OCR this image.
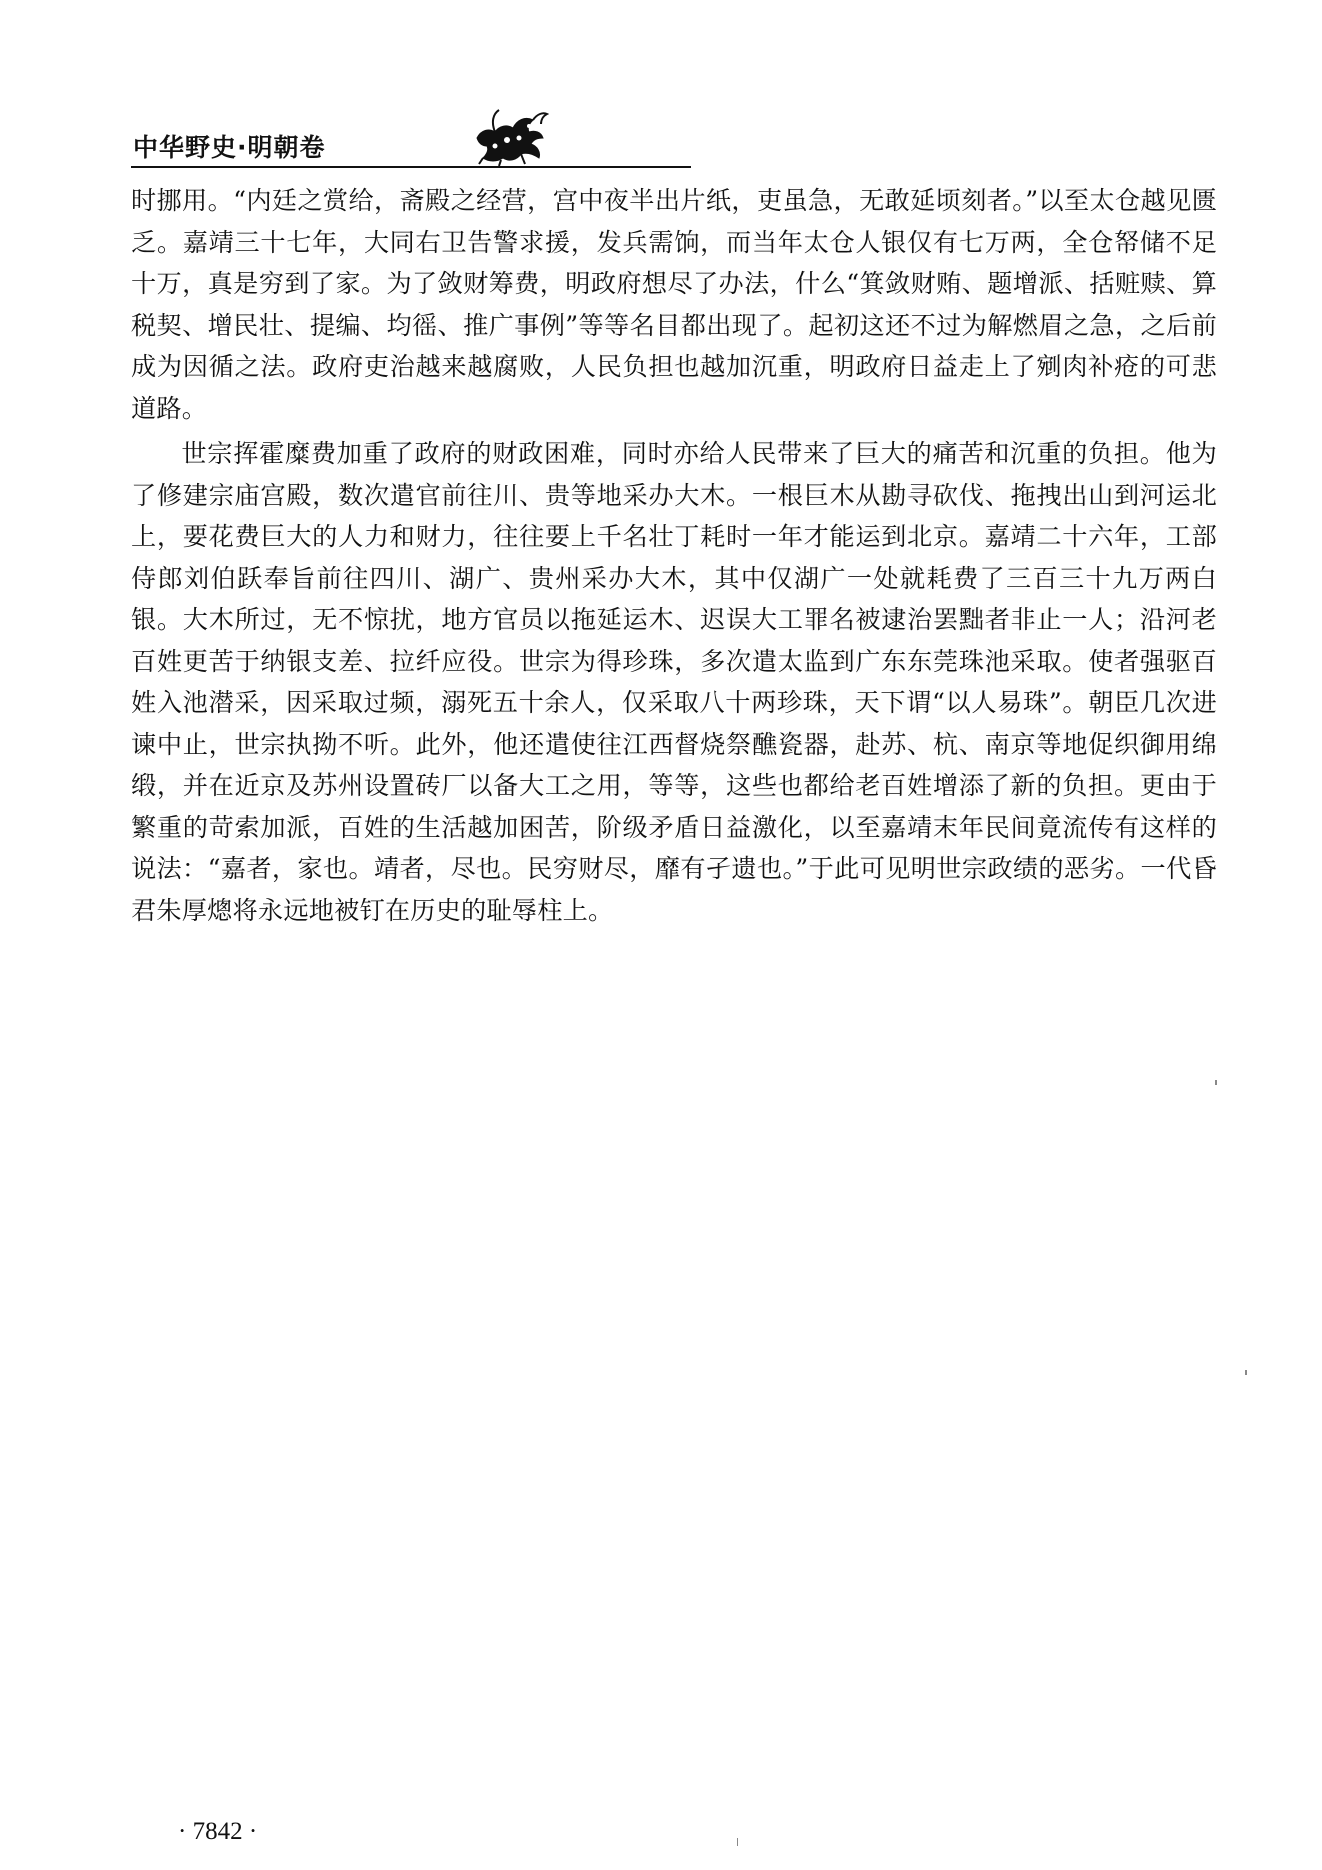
中华野史·明朝卷

时挪用。“内廷之赏给，斋殿之经营，宫中夜半出片纸，吏虽急，无敢延顷刻者。”以至太仓越见匮乏。嘉靖三十七年，大同右卫告警求援，发兵需饷，而当年太仓人银仅有七万两，全仓帑储不足十万，真是穷到了家。为了敛财筹费，明政府想尽了办法，什么“箕敛财贿、题增派、括赃赎、算税契、增民壮、提编、均徭、推广事例”等等名目都出现了。起初这还不过为解燃眉之急，之后前成为因循之法。政府吏治越来越腐败，人民负担也越加沉重，明政府日益走上了剜肉补疮的可悲道路。

世宗挥霍糜费加重了政府的财政困难，同时亦给人民带来了巨大的痛苦和沉重的负担。他为了修建宗庙宫殿，数次遣官前往川、贵等地采办大木。一根巨木从勘寻砍伐、拖拽出山到河运北上，要花费巨大的人力和财力，往往要上千名壮丁耗时一年才能运到北京。嘉靖二十六年，工部侍郎刘伯跃奉旨前往四川、湖广、贵州采办大木，其中仅湖广一处就耗费了三百三十九万两白银。大木所过，无不惊扰，地方官员以拖延运木、迟误大工罪名被逮治罢黜者非止一人；沿河老百姓更苦于纳银支差、拉纤应役。世宗为得珍珠，多次遣太监到广东东莞珠池采取。使者强驱百姓入池潜采，因采取过频，溺死五十余人，仅采取八十两珍珠，天下谓“以人易珠”。朝臣几次进谏中止，世宗执拗不听。此外，他还遣使往江西督烧祭醮瓷器，赴苏、杭、南京等地促织御用绵缎，并在近京及苏州设置砖厂以备大工之用，等等，这些也都给老百姓增添了新的负担。更由于繁重的苛索加派，百姓的生活越加困苦，阶级矛盾日益激化，以至嘉靖末年民间竟流传有这样的说法：“嘉者，家也。靖者，尽也。民穷财尽，靡有孑遗也。”于此可见明世宗政绩的恶劣。一代昏君朱厚熜将永远地被钉在历史的耻辱柱上。

· 7842 ·
